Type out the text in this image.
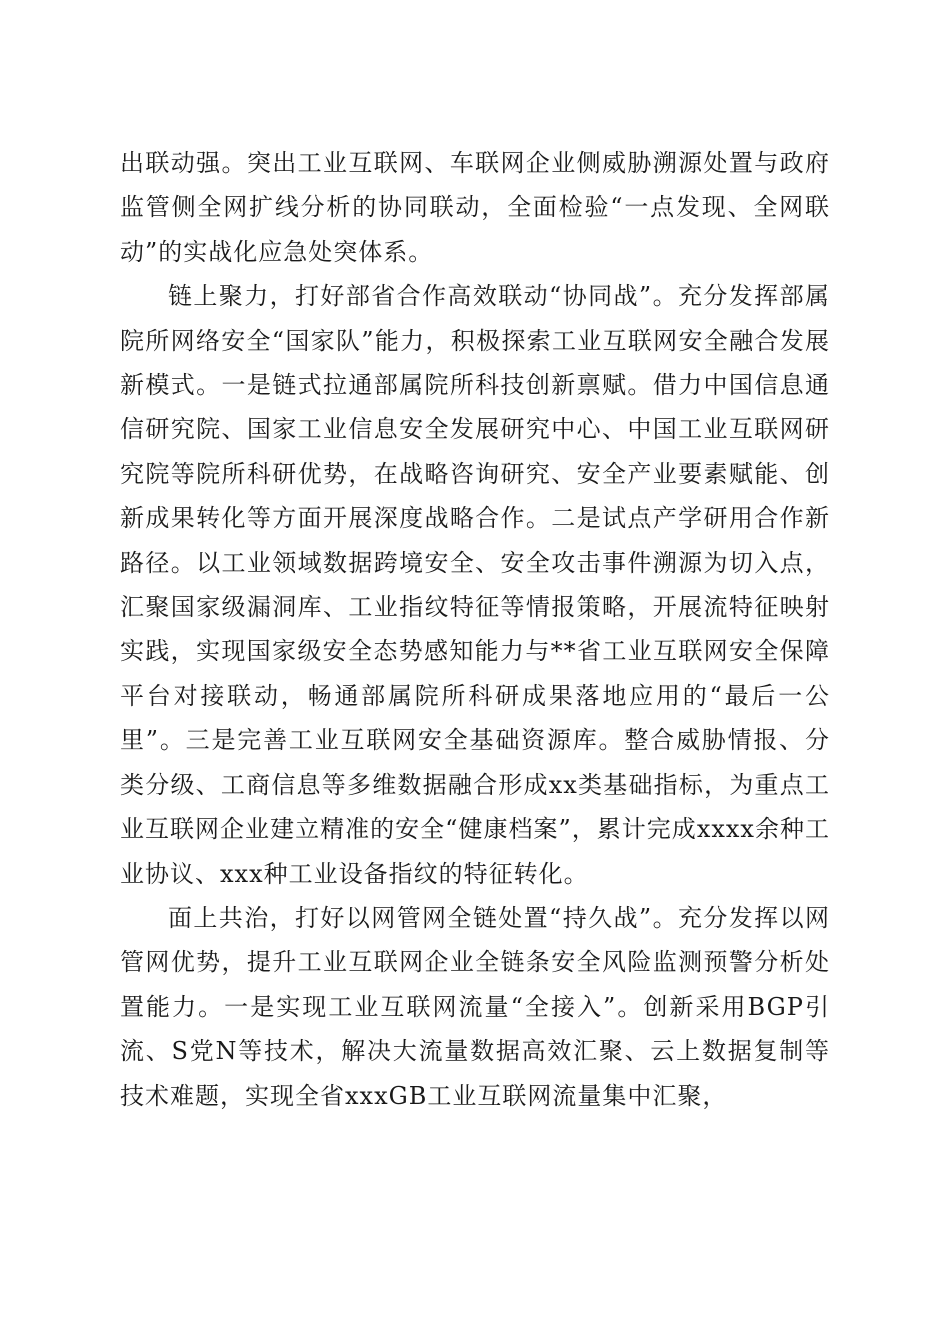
出联动强。突出工业互联网、车联网企业侧威胁溯源处置与政府监管侧全网扩线分析的协同联动，全面检验“一点发现、全网联动”的实战化应急处突体系。

链上聚力，打好部省合作高效联动“协同战”。充分发挥部属院所网络安全“国家队”能力，积极探索工业互联网安全融合发展新模式。一是链式拉通部属院所科技创新禀赋。借力中国信息通信研究院、国家工业信息安全发展研究中心、中国工业互联网研究院等院所科研优势，在战略咨询研究、安全产业要素赋能、创新成果转化等方面开展深度战略合作。二是试点产学研用合作新路径。以工业领域数据跨境安全、安全攻击事件溯源为切入点，汇聚国家级漏洞库、工业指纹特征等情报策略，开展流特征映射实践，实现国家级安全态势感知能力与**省工业互联网安全保障平台对接联动，畅通部属院所科研成果落地应用的“最后一公里”。三是完善工业互联网安全基础资源库。整合威胁情报、分类分级、工商信息等多维数据融合形成xx类基础指标，为重点工业互联网企业建立精准的安全“健康档案”，累计完成xxxx余种工业协议、xxx种工业设备指纹的特征转化。

面上共治，打好以网管网全链处置“持久战”。充分发挥以网管网优势，提升工业互联网企业全链条安全风险监测预警分析处置能力。一是实现工业互联网流量“全接入”。创新采用BGP引流、S党N等技术，解决大流量数据高效汇聚、云上数据复制等技术难题，实现全省xxxGB工业互联网流量集中汇聚，
